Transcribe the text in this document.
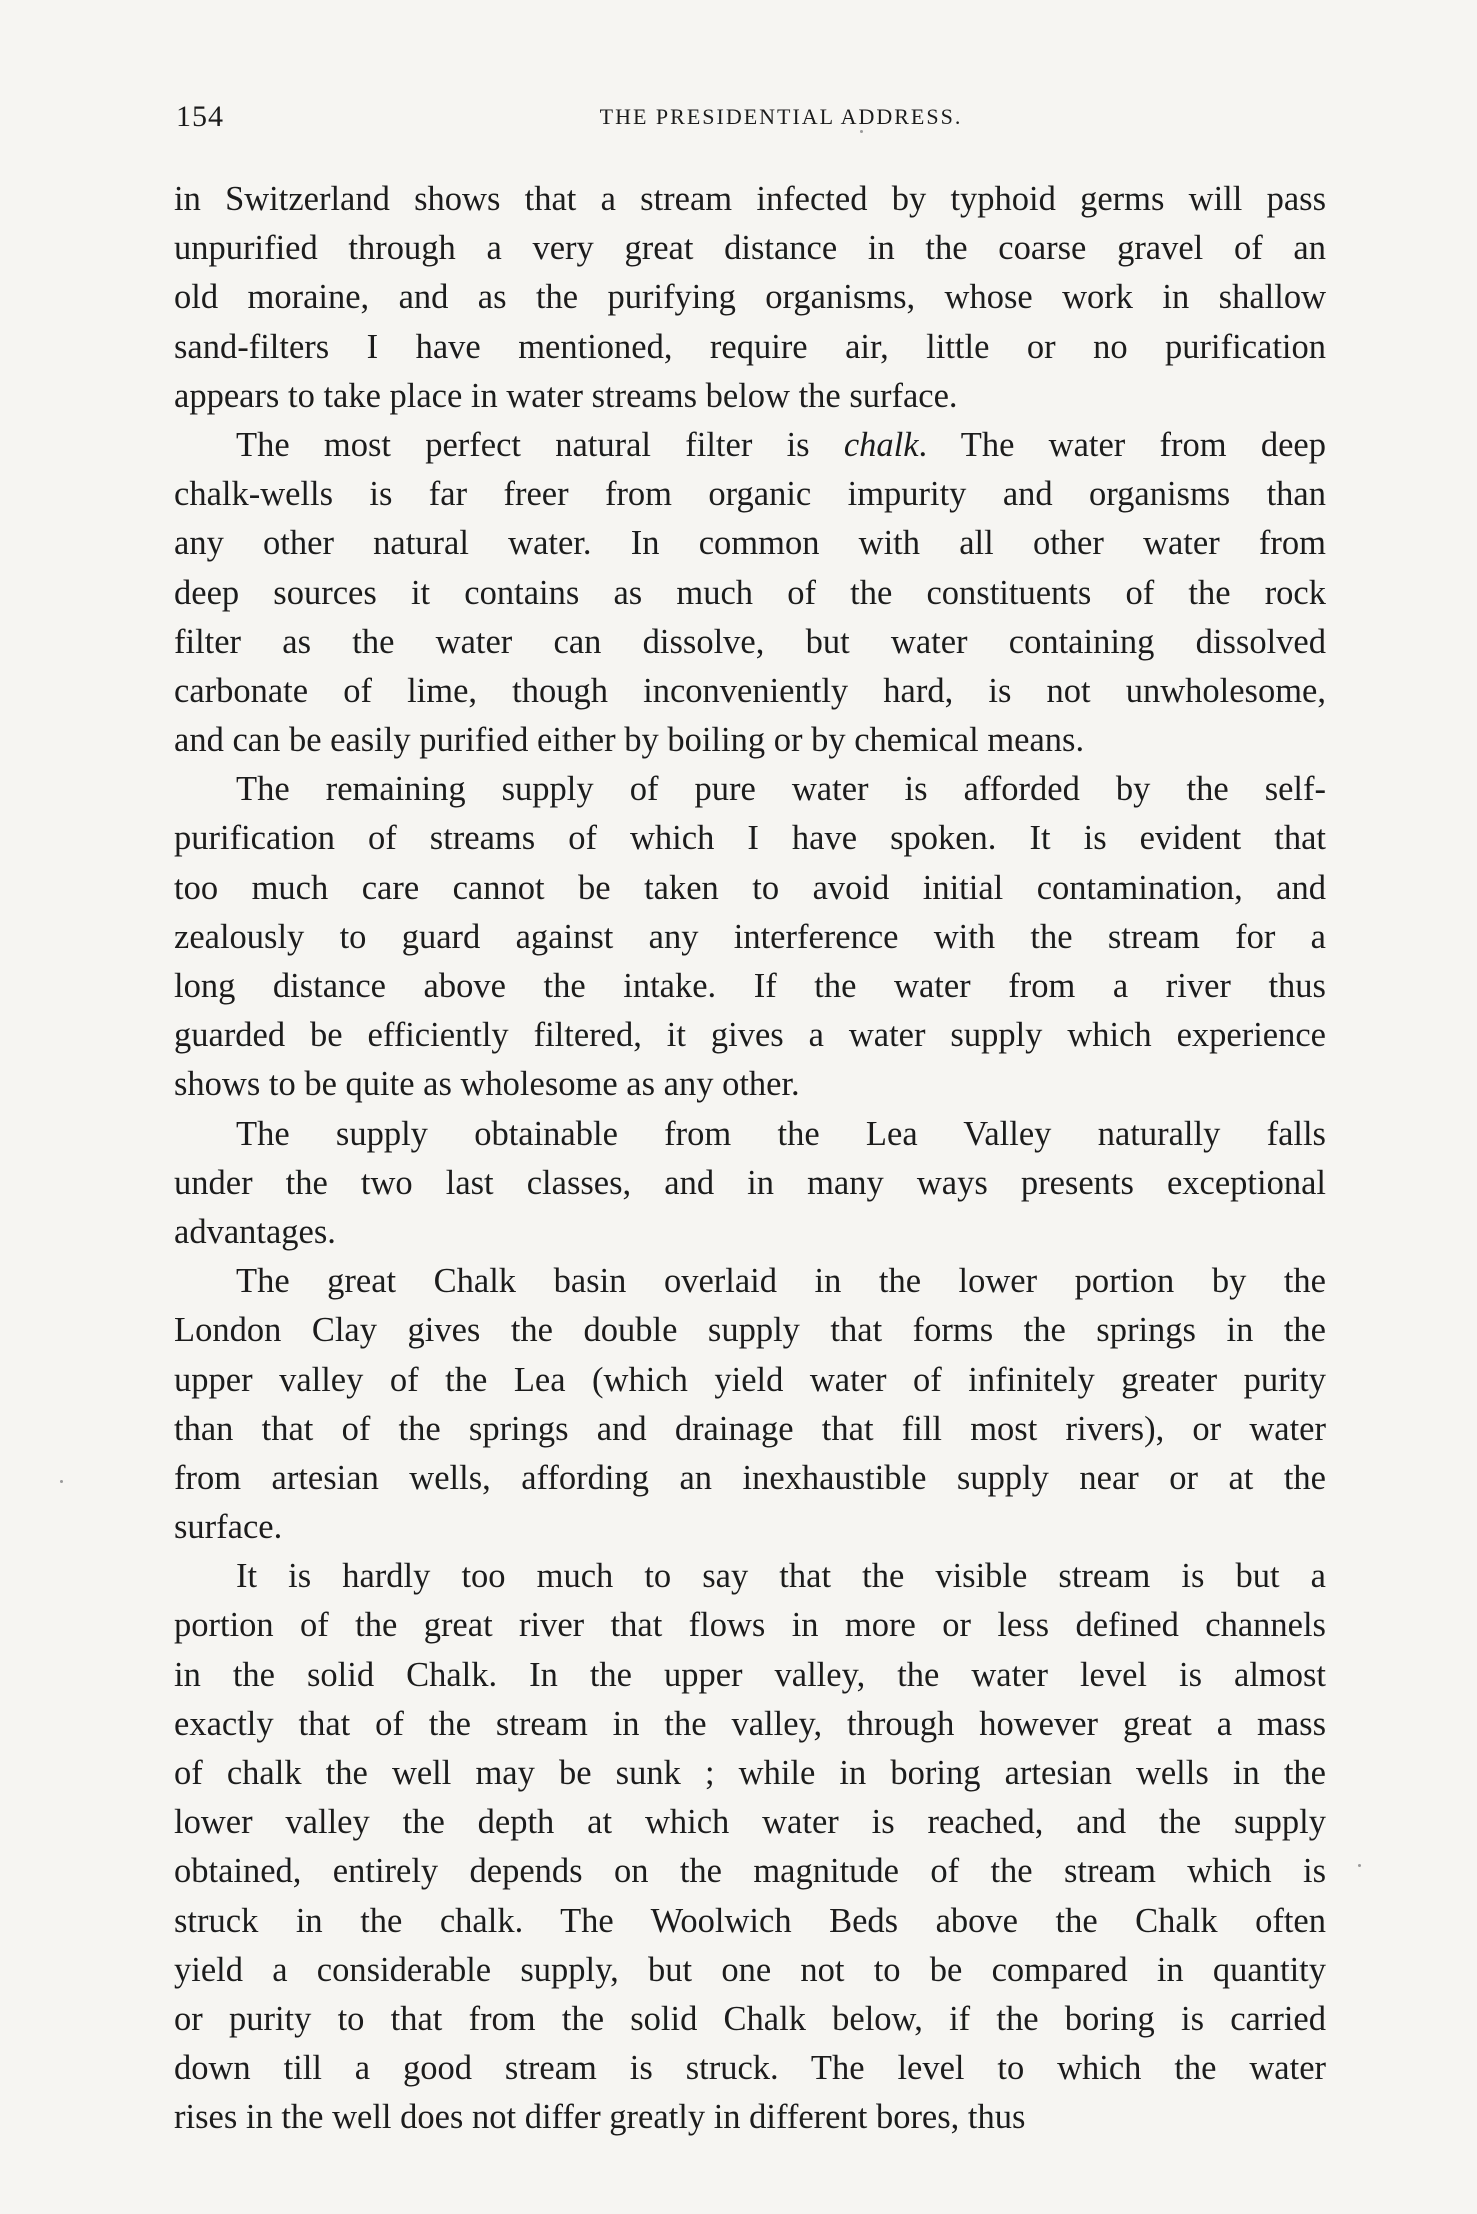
154	THE PRESIDENTIAL ADDRESS.
in Switzerland shows that a stream infected by typhoid germs will pass
unpurified through a very great distance in the coarse gravel of an
old moraine, and as the purifying organisms, whose work in shallow
sand-filters I have mentioned, require air, little or no purification
appears to take place in water streams below the surface.
The most perfect natural filter is chalk. The water from deep
chalk-wells is far freer from organic impurity and organisms than
any other natural water. In common with all other water from
deep sources it contains as much of the constituents of the rock
filter as the water can dissolve, but water containing dissolved
carbonate of lime, though inconveniently hard, is not unwholesome,
and can be easily purified either by boiling or by chemical means.
The remaining supply of pure water is afforded by the self-
purification of streams of which I have spoken. It is evident that
too much care cannot be taken to avoid initial contamination, and
zealously to guard against any interference with the stream for a
long distance above the intake. If the water from a river thus
guarded be efficiently filtered, it gives a water supply which experience
shows to be quite as wholesome as any other.
The supply obtainable from the Lea Valley naturally falls
under the two last classes, and in many ways presents exceptional
advantages.
The great Chalk basin overlaid in the lower portion by the
London Clay gives the double supply that forms the springs in the
upper valley of the Lea (which yield water of infinitely greater purity
than that of the springs and drainage that fill most rivers), or water
from artesian wells, affording an inexhaustible supply near or at the
surface.
It is hardly too much to say that the visible stream is but a
portion of the great river that flows in more or less defined channels
in the solid Chalk. In the upper valley, the water level is almost
exactly that of the stream in the valley, through however great a mass
of chalk the well may be sunk ; while in boring artesian wells in the
lower valley the depth at which water is reached, and the supply
obtained, entirely depends on the magnitude of the stream which is
struck in the chalk. The Woolwich Beds above the Chalk often
yield a considerable supply, but one not to be compared in quantity
or purity to that from the solid Chalk below, if the boring is carried
down till a good stream is struck. The level to which the water
rises in the well does not differ greatly in different bores, thus
